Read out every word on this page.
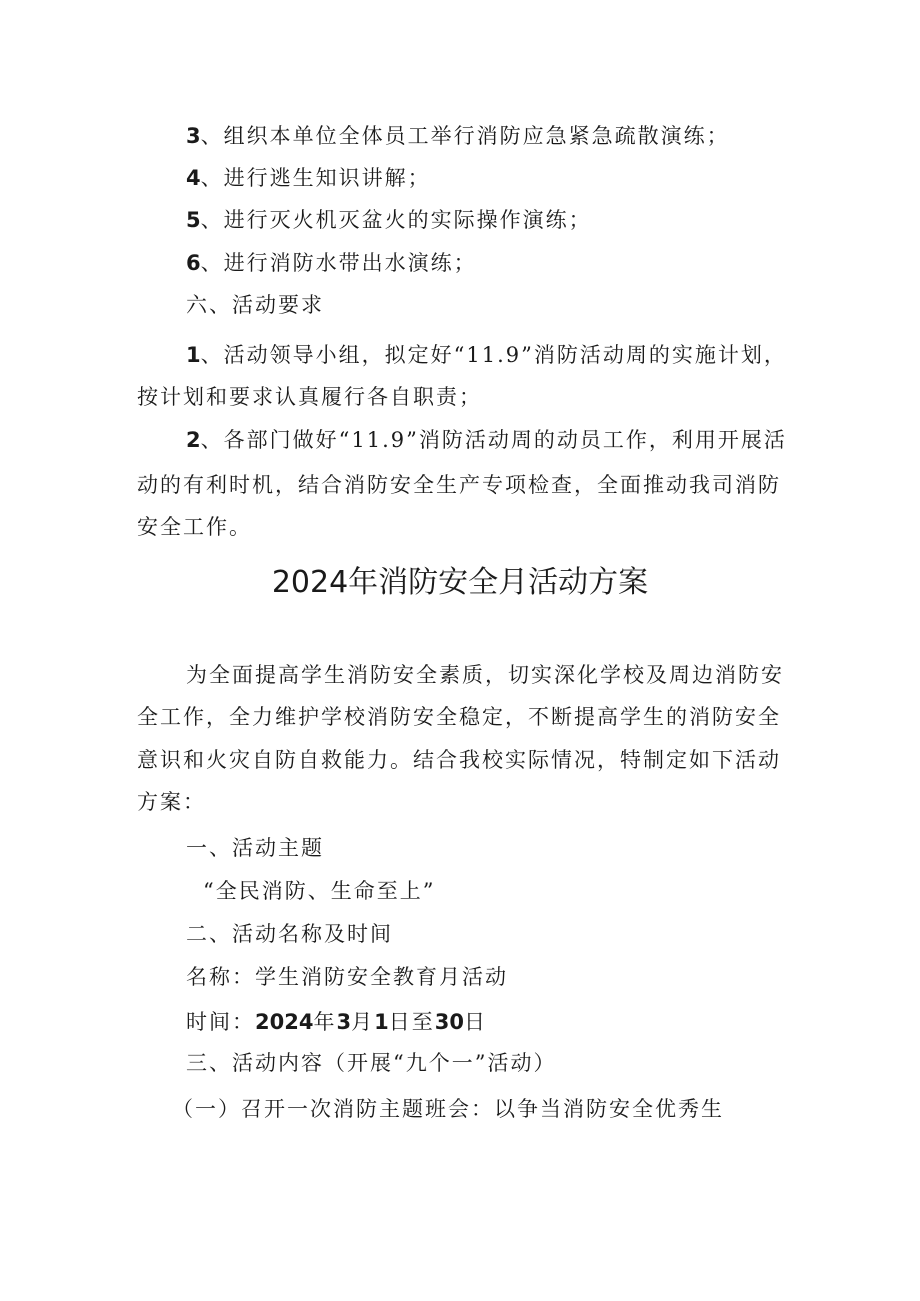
3、组织本单位全体员工举行消防应急紧急疏散演练；

4、进行逃生知识讲解；

5、进行灭火机灭盆火的实际操作演练；

6、进行消防水带出水演练；

六、活动要求

1、活动领导小组，拟定好“11.9”消防活动周的实施计划，

按计划和要求认真履行各自职责；

2、各部门做好“11.9”消防活动周的动员工作，利用开展活

动的有利时机，结合消防安全生产专项检查，全面推动我司消防

安全工作。

2024年消防安全月活动方案

为全面提高学生消防安全素质，切实深化学校及周边消防安

全工作，全力维护学校消防安全稳定，不断提高学生的消防安全

意识和火灾自防自救能力。结合我校实际情况，特制定如下活动

方案：

一、活动主题

“全民消防、生命至上”

二、活动名称及时间

名称：学生消防安全教育月活动

时间：2024年3月1日至30日

三、活动内容（开展“九个一”活动）

（一）召开一次消防主题班会：以争当消防安全优秀生
